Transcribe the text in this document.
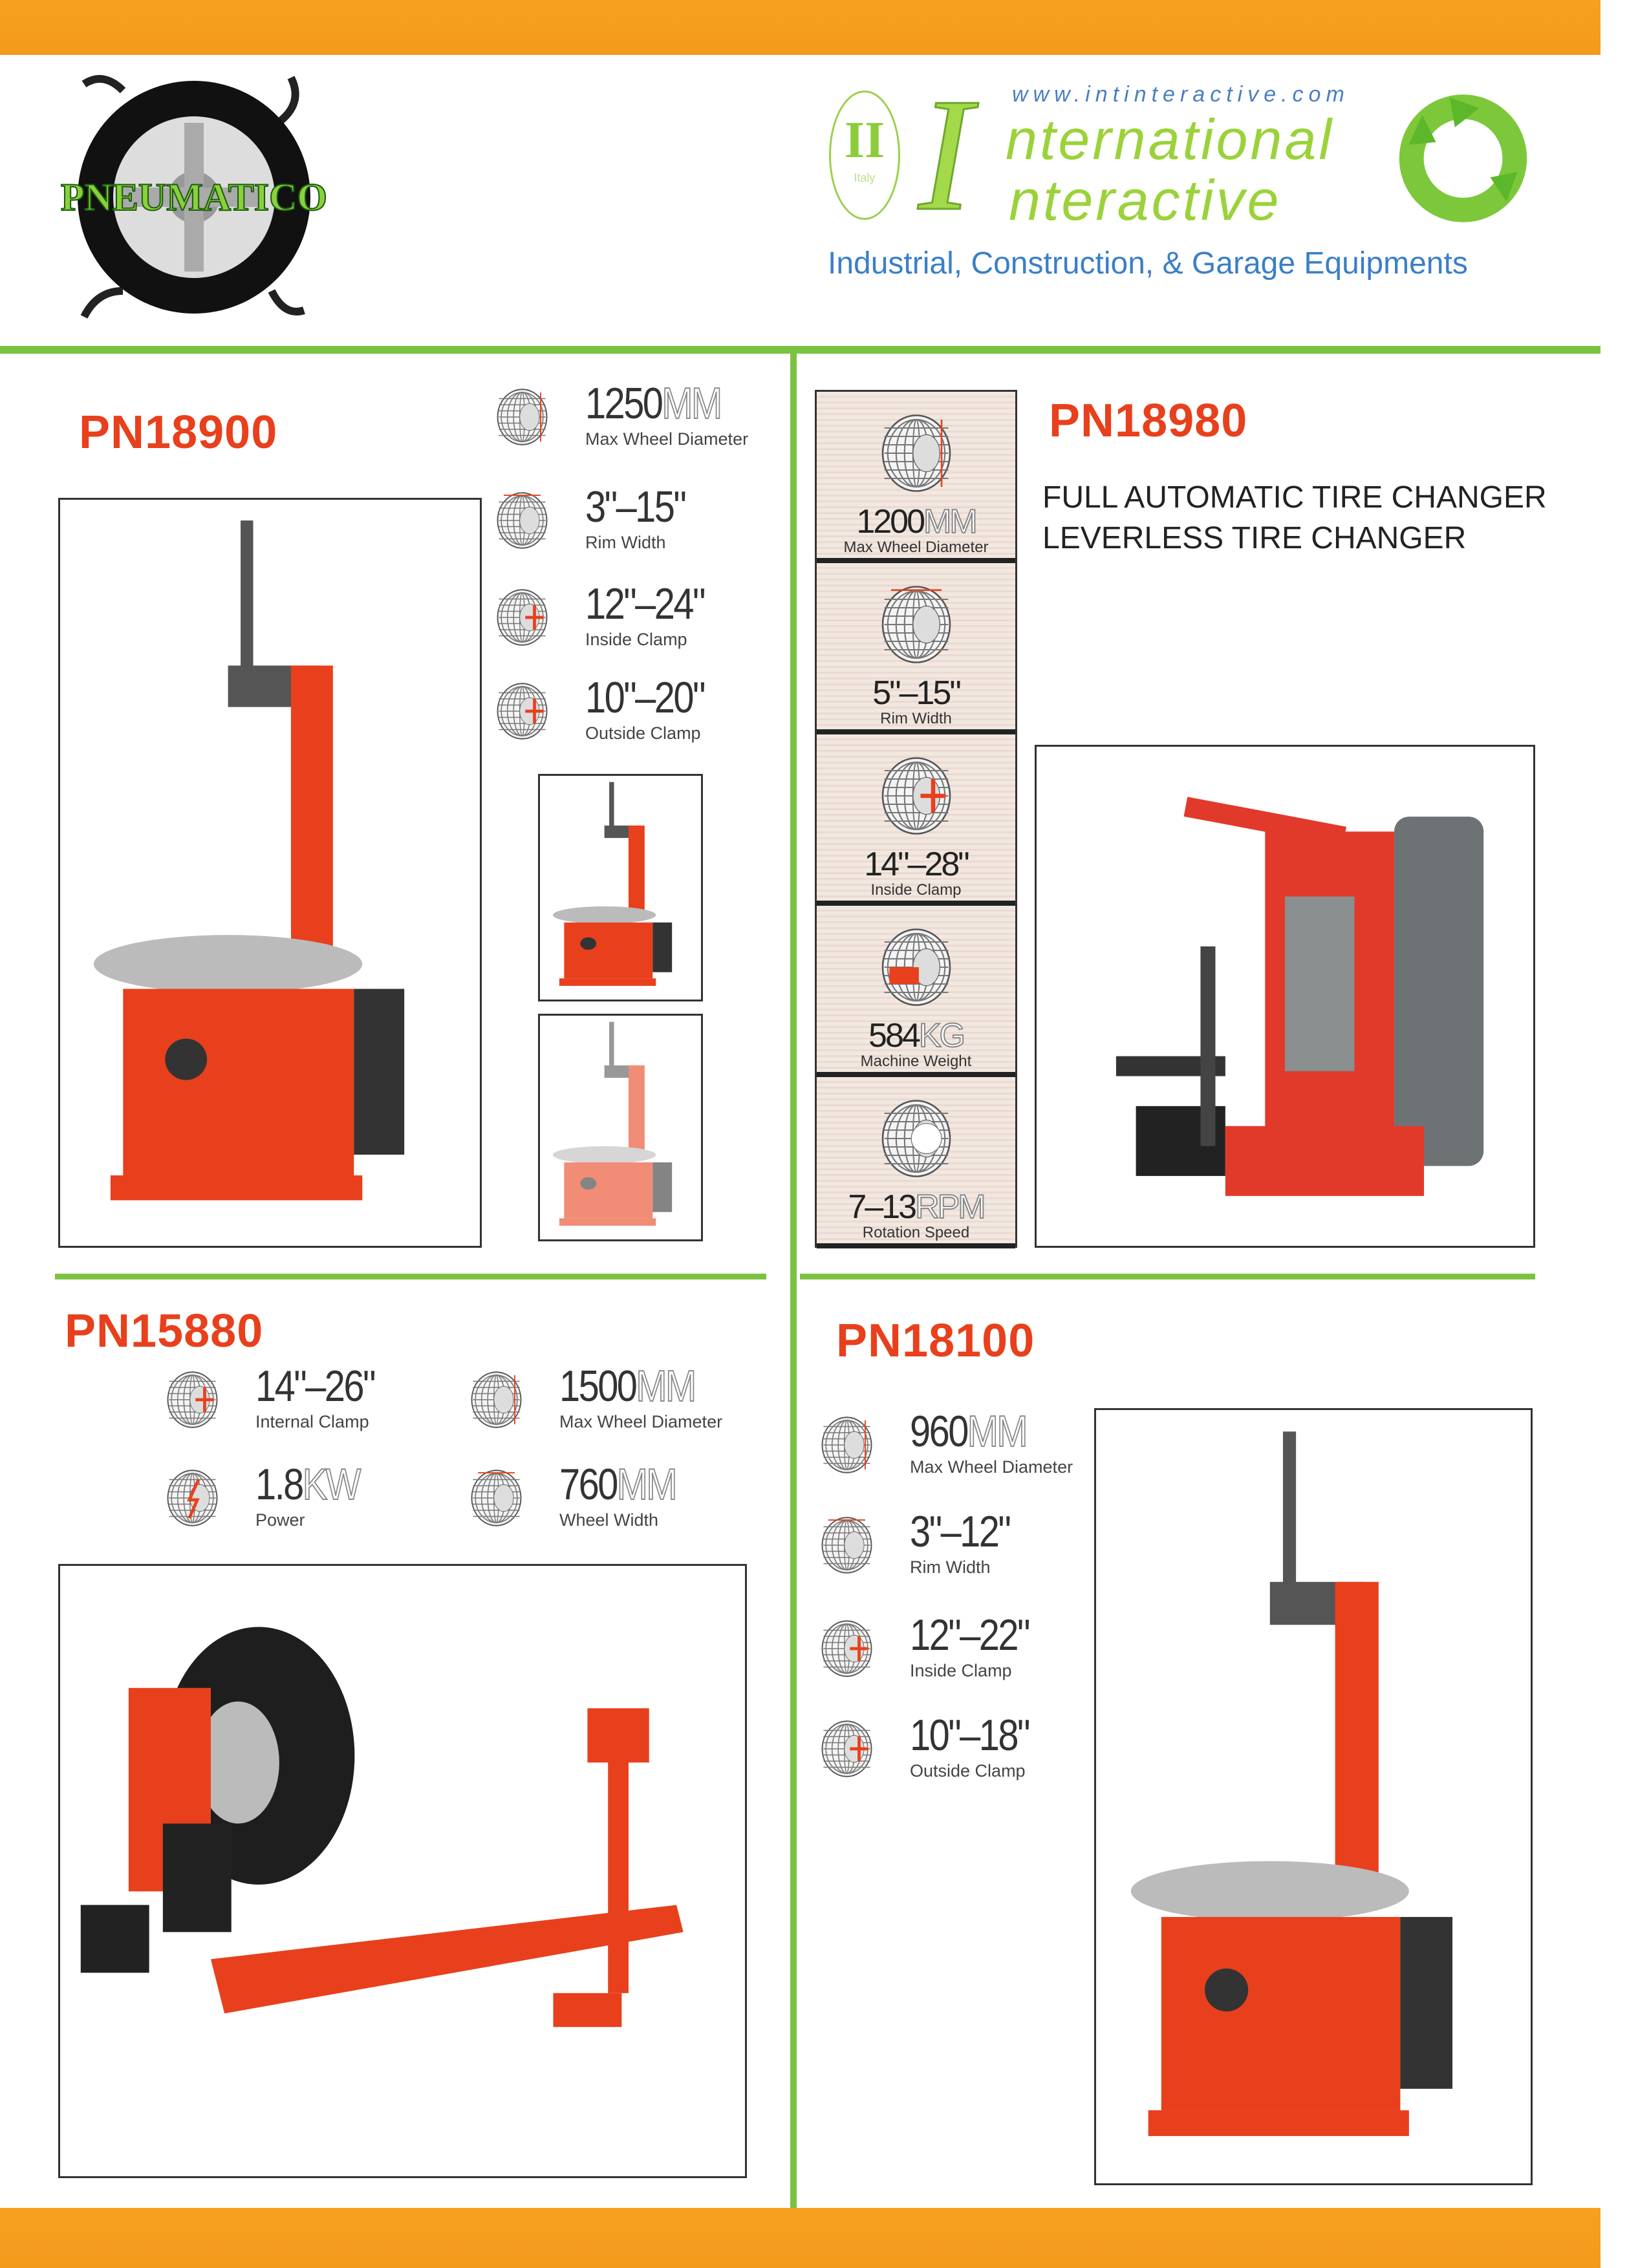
PNEUMATICO
II
Italy I www.intinteractive.com
nternational
nteractive
Industrial, Construction, & Garage Equipments
PN18900
1200MM
Max Wheel Diameter
5"–15"
Rim Width
14"–28"
Inside Clamp
584KG
Machine Weight
7–13RPM
Rotation Speed
PN18980
FULL AUTOMATIC TIRE CHANGER
LEVERLESS TIRE CHANGER
PN15880	PN18100
1250MM
Max Wheel Diameter
3"–15"
Rim Width
12"–24"
Inside Clamp
10"–20"
Outside Clamp
14"–26"
Internal Clamp
1500MM
Max Wheel Diameter
1.8KW
Power
760MM
Wheel Width
960MM
Max Wheel Diameter
3"–12"
Rim Width
12"–22"
Inside Clamp
10"–18"
Outside Clamp
